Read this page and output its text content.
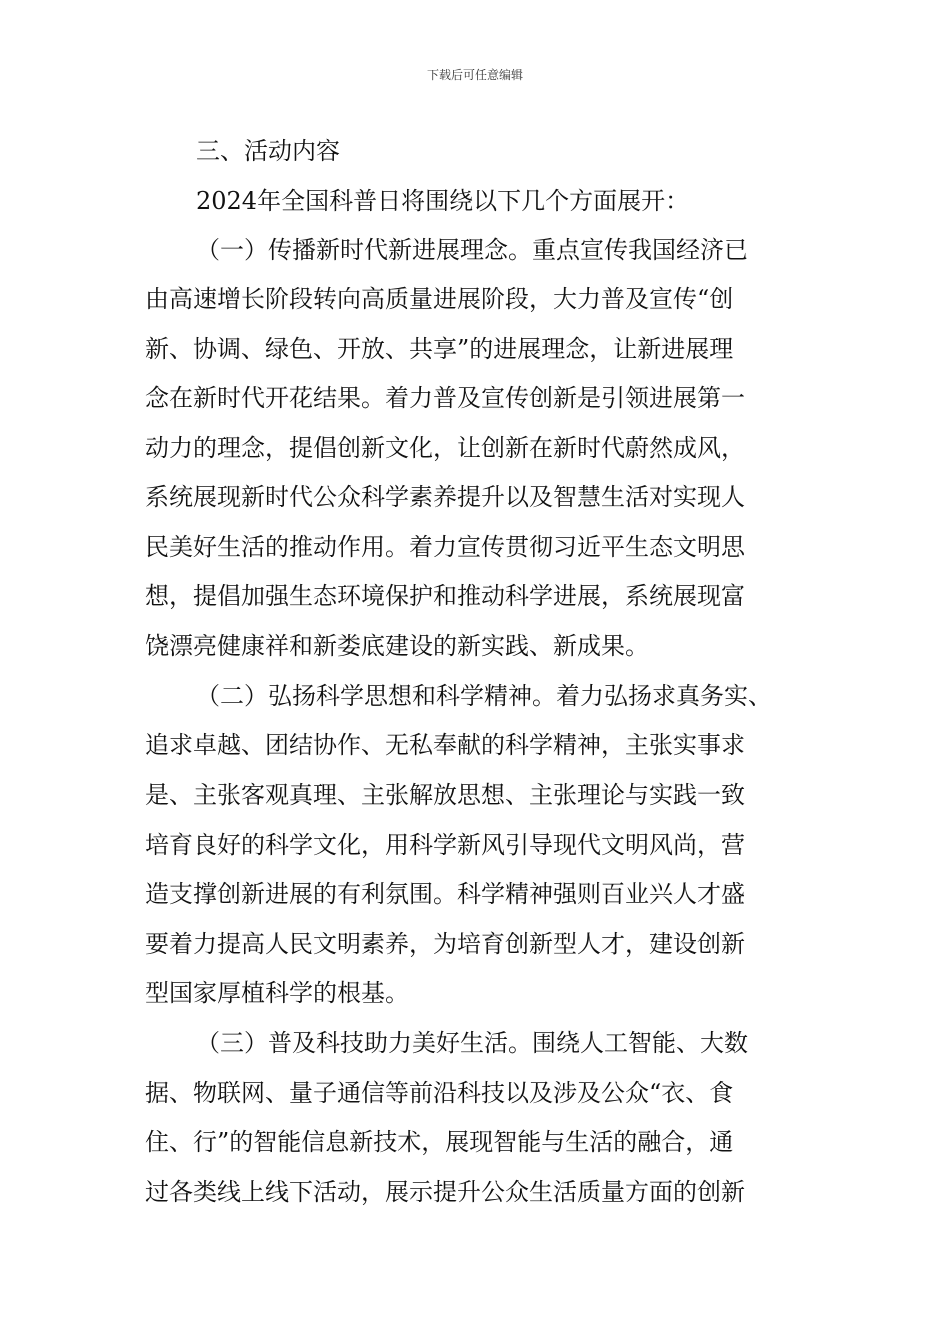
下载后可任意编辑
三、活动内容
2024年全国科普日将围绕以下几个方面展开：
（一）传播新时代新进展理念。重点宣传我国经济已
由高速增长阶段转向高质量进展阶段，大力普及宣传“创
新、协调、绿色、开放、共享”的进展理念，让新进展理
念在新时代开花结果。着力普及宣传创新是引领进展第一
动力的理念，提倡创新文化，让创新在新时代蔚然成风，
系统展现新时代公众科学素养提升以及智慧生活对实现人
民美好生活的推动作用。着力宣传贯彻习近平生态文明思
想，提倡加强生态环境保护和推动科学进展，系统展现富
饶漂亮健康祥和新娄底建设的新实践、新成果。
（二）弘扬科学思想和科学精神。着力弘扬求真务实、
追求卓越、团结协作、无私奉献的科学精神，主张实事求
是、主张客观真理、主张解放思想、主张理论与实践一致
培育良好的科学文化，用科学新风引导现代文明风尚，营
造支撑创新进展的有利氛围。科学精神强则百业兴人才盛
要着力提高人民文明素养，为培育创新型人才，建设创新
型国家厚植科学的根基。
（三）普及科技助力美好生活。围绕人工智能、大数
据、物联网、量子通信等前沿科技以及涉及公众“衣、食
住、行”的智能信息新技术，展现智能与生活的融合，通
过各类线上线下活动，展示提升公众生活质量方面的创新
